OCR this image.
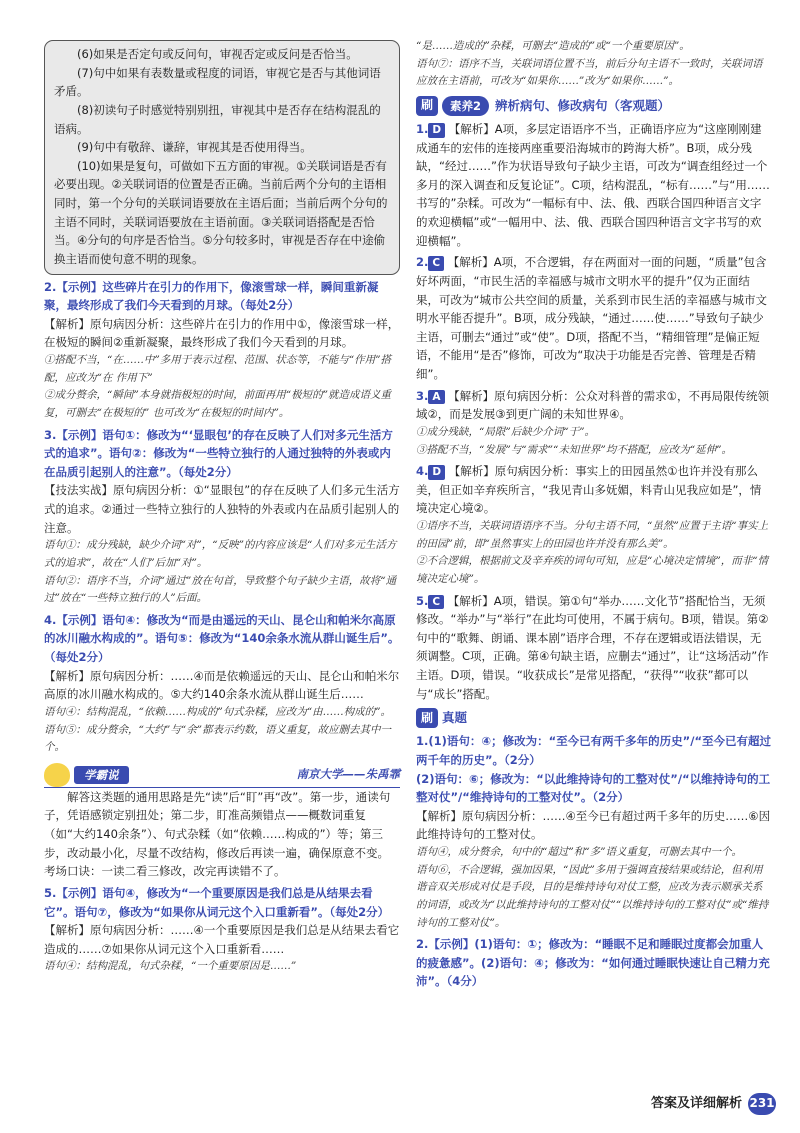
(6)如果是否定句或反问句，审视否定或反问是否恰当。

(7)句中如果有表数量或程度的词语，审视它是否与其他词语矛盾。

(8)初读句子时感觉特别别扭，审视其中是否存在结构混乱的语病。

(9)句中有敬辞、谦辞，审视其是否使用得当。

(10)如果是复句，可做如下五方面的审视。①关联词语是否有必要出现。②关联词语的位置是否正确。当前后两个分句的主语相同时，第一个分句的关联词语要放在主语后面；当前后两个分句的主语不同时，关联词语要放在主语前面。③关联词语搭配是否恰当。④分句的句序是否恰当。⑤分句较多时，审视是否存在中途偷换主语而使句意不明的现象。

2.【示例】这些碎片在引力的作用下，像滚雪球一样，瞬间重新凝聚，最终形成了我们今天看到的月球。（每处2分）

【解析】原句病因分析：这些碎片在引力的作用中①，像滚雪球一样，在极短的瞬间②重新凝聚，最终形成了我们今天看到的月球。

①搭配不当，“在……中”多用于表示过程、范围、状态等，不能与“作用”搭配，应改为“在 作用下”

②成分赘余，“瞬间”本身就指极短的时间，前面再用“极短的”就造成语义重复，可删去“在极短的” 也可改为“在极短的时间内”。

3.【示例】语句①：修改为“‘显眼包’的存在反映了人们对多元生活方式的追求”。语句②：修改为“一些特立独行的人通过独特的外表或内在品质引起别人的注意”。（每处2分）

【技法实战】原句病因分析：①“显眼包”的存在反映了人们多元生活方式的追求。②通过一些特立独行的人独特的外表或内在品质引起别人的注意。

语句①：成分残缺，缺少介词“对”，“反映”的内容应该是“人们对多元生活方式的追求”，故在“人们”后加“对”。

语句②：语序不当，介词“通过”放在句首，导致整个句子缺少主语，故将“通过”放在“一些特立独行的人”后面。

4.【示例】语句④：修改为“而是由遥远的天山、昆仑山和帕米尔高原的冰川融水构成的”。语句⑤：修改为“140余条水流从群山诞生后”。（每处2分）

【解析】原句病因分析：……④而是依赖遥远的天山、昆仑山和帕米尔高原的冰川融水构成的。⑤大约140余条水流从群山诞生后……

语句④：结构混乱，“依赖……构成的”句式杂糅，应改为“由……构成的”。

语句⑤：成分赘余，“大约”与“余”都表示约数，语义重复，故应删去其中一个。

学霸说	南京大学——朱禹霏

解答这类题的通用思路是先“读”后“盯”再“改”。第一步，通读句子，凭语感锁定别扭处；第二步，盯准高频错点——概数词重复（如“大约140余条”）、句式杂糅（如“依赖……构成的”）等；第三步，改动最小化，尽量不改结构，修改后再读一遍，确保原意不变。考场口诀：一读二看三修改，改完再读错不了。

5.【示例】语句④，修改为“一个重要原因是我们总是从结果去看它”。语句⑦，修改为“如果你从词元这个入口重新看”。（每处2分）

【解析】原句病因分析：……④一个重要原因是我们总是从结果去看它造成的……⑦如果你从词元这个入口重新看……

语句④：结构混乱，句式杂糅，“一个重要原因是……”

“是……造成的”杂糅，可删去“造成的”或“一个重要原因”。

语句⑦：语序不当，关联词语位置不当，前后分句主语不一致时，关联词语应放在主语前，可改为“如果你……”改为“如果你……”。

刷	素养2	辨析病句、修改病句（客观题）

1. D 【解析】A项，多层定语语序不当，正确语序应为“这座刚刚建成通车的宏伟的连接两座重要沿海城市的跨海大桥”。B项，成分残缺，“经过……”作为状语导致句子缺少主语，可改为“调查组经过一个多月的深入调查和反复论证”。C项，结构混乱，“标有……”与“用……书写的”杂糅。可改为“一幅标有中、法、俄、西联合国四种语言文字的欢迎横幅”或“一幅用中、法、俄、西联合国四种语言文字书写的欢迎横幅”。

2. C 【解析】A项，不合逻辑，存在两面对一面的问题，“质量”包含好坏两面，“市民生活的幸福感与城市文明水平的提升”仅为正面结果，可改为“城市公共空间的质量，关系到市民生活的幸福感与城市文明水平能否提升”。B项，成分残缺，“通过……使……”导致句子缺少主语，可删去“通过”或“使”。D项，搭配不当，“精细管理”是偏正短语，不能用“是否”修饰，可改为“取决于功能是否完善、管理是否精细”。

3. A 【解析】原句病因分析：公众对科普的需求①，不再局限传统领域②，而是发展③到更广阔的未知世界④。

①成分残缺，“局限”后缺少介词“于”。

③搭配不当，“发展”与“需求”“未知世界”均不搭配，应改为“延伸”。

4. D 【解析】原句病因分析：事实上的田园虽然①也许并没有那么美，但正如辛弃疾所言，“我见青山多妩媚，料青山见我应如是”，情境决定心境②。

①语序不当，关联词语语序不当。分句主语不同，“虽然”应置于主语“事实上的田园”前，即“虽然事实上的田园也许并没有那么美”。

②不合逻辑，根据前文及辛弃疾的词句可知，应是“心境决定情境”，而非“情境决定心境”。

5. C 【解析】A项，错误。第①句“举办……文化节”搭配恰当，无须修改。“举办”与“举行”在此均可使用，不属于病句。B项，错误。第②句中的“歌舞、朗诵、课本剧”语序合理，不存在逻辑或语法错误，无须调整。C项，正确。第④句缺主语，应删去“通过”，让“这场活动”作主语。D项，错误。“收获成长”是常见搭配，“获得”“收获”都可以与“成长”搭配。

刷 真题

1.(1)语句：④；修改为：“至今已有两千多年的历史”/“至今已有超过两千年的历史”。（2分）

(2)语句：⑥；修改为：“以此维持诗句的工整对仗”/“以维持诗句的工整对仗”/“维持诗句的工整对仗”。（2分）

【解析】原句病因分析：……④至今已有超过两千多年的历史……⑥因此维持诗句的工整对仗。

语句④，成分赘余，句中的“超过”和“多”语义重复，可删去其中一个。

语句⑥，不合逻辑，强加因果，“因此”多用于强调直接结果或结论，但利用谐音双关形成对仗是手段，目的是维持诗句对仗工整，应改为表示顺承关系的词语，或改为“以此维持诗句的工整对仗”“以维持诗句的工整对仗”或“维持诗句的工整对仗”。

2.【示例】(1)语句：①；修改为：“睡眠不足和睡眠过度都会加重人的疲惫感”。(2)语句：④；修改为：“如何通过睡眠快速让自己精力充沛”。（4分）

答案及详细解析 231
